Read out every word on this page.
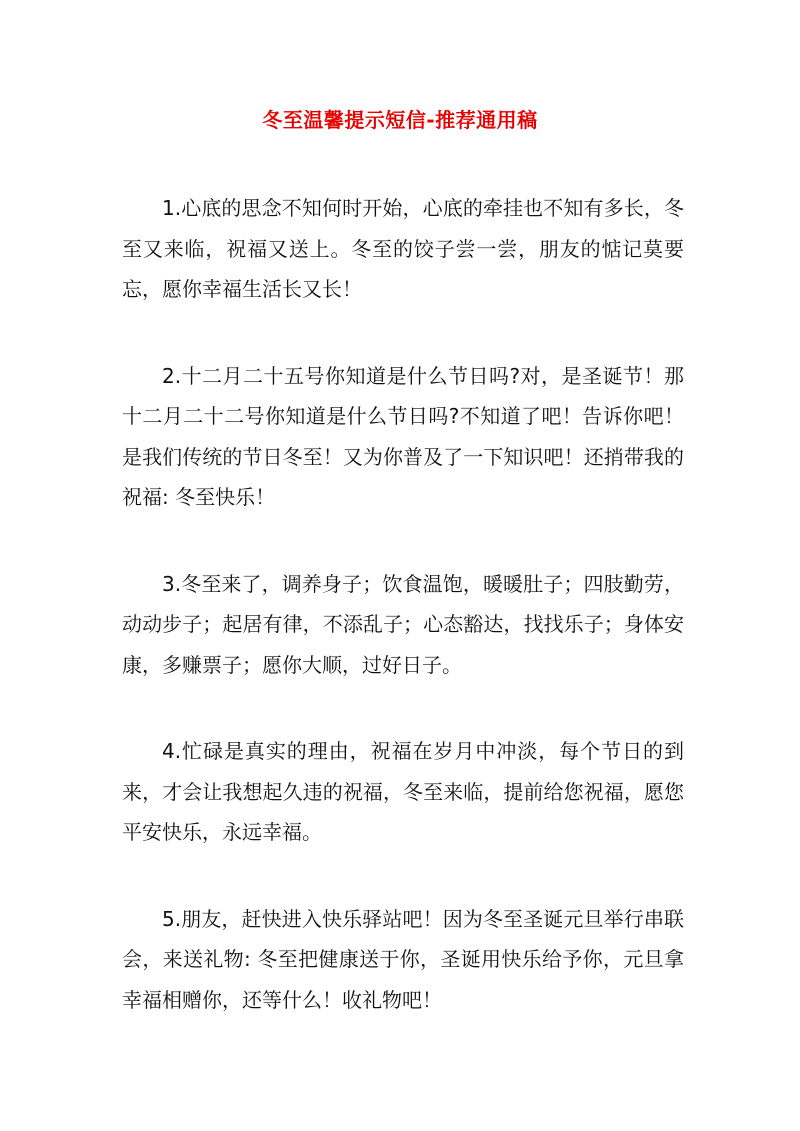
冬至温馨提示短信-推荐通用稿

1.心底的思念不知何时开始，心底的牵挂也不知有多长，冬至又来临，祝福又送上。冬至的饺子尝一尝，朋友的惦记莫要忘，愿你幸福生活长又长！

2.十二月二十五号你知道是什么节日吗?对，是圣诞节！那十二月二十二号你知道是什么节日吗?不知道了吧！告诉你吧！是我们传统的节日冬至！又为你普及了一下知识吧！还捎带我的祝福: 冬至快乐！

3.冬至来了，调养身子；饮食温饱，暖暖肚子；四肢勤劳，动动步子；起居有律，不添乱子；心态豁达，找找乐子；身体安康，多赚票子；愿你大顺，过好日子。

4.忙碌是真实的理由，祝福在岁月中冲淡，每个节日的到来，才会让我想起久违的祝福，冬至来临，提前给您祝福，愿您平安快乐，永远幸福。

5.朋友，赶快进入快乐驿站吧！因为冬至圣诞元旦举行串联会，来送礼物: 冬至把健康送于你，圣诞用快乐给予你，元旦拿幸福相赠你，还等什么！收礼物吧！
